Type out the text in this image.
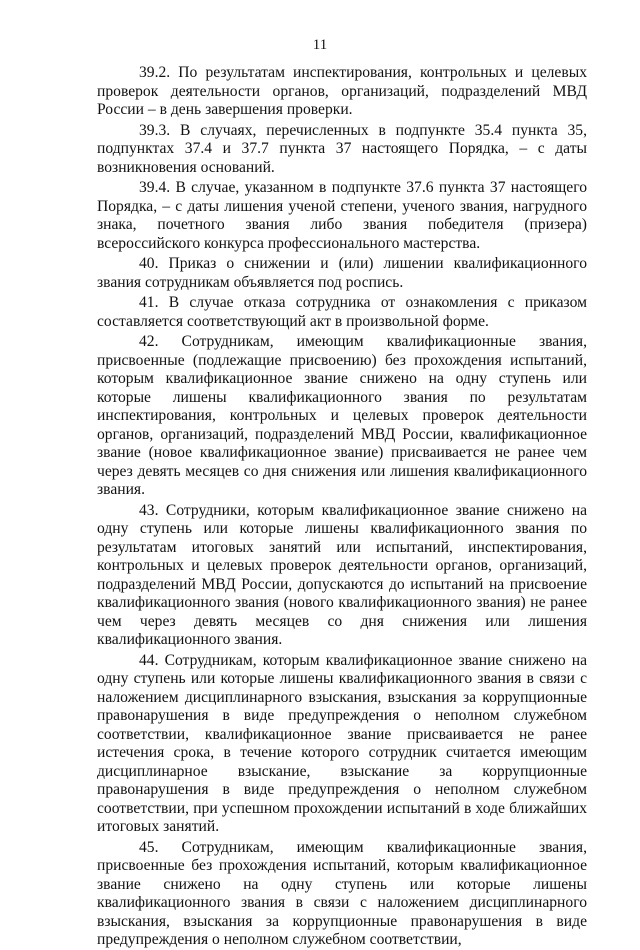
11

39.2. По результатам инспектирования, контрольных и целевых проверок деятельности органов, организаций, подразделений МВД России – в день завершения проверки.

39.3. В случаях, перечисленных в подпункте 35.4 пункта 35, подпунктах 37.4 и 37.7 пункта 37 настоящего Порядка, – с даты возникновения оснований.

39.4. В случае, указанном в подпункте 37.6 пункта 37 настоящего Порядка, – с даты лишения ученой степени, ученого звания, нагрудного знака, почетного звания либо звания победителя (призера) всероссийского конкурса профессионального мастерства.

40. Приказ о снижении и (или) лишении квалификационного звания сотрудникам объявляется под роспись.

41. В случае отказа сотрудника от ознакомления с приказом составляется соответствующий акт в произвольной форме.

42. Сотрудникам, имеющим квалификационные звания, присвоенные (подлежащие присвоению) без прохождения испытаний, которым квалификационное звание снижено на одну ступень или которые лишены квалификационного звания по результатам инспектирования, контрольных и целевых проверок деятельности органов, организаций, подразделений МВД России, квалификационное звание (новое квалификационное звание) присваивается не ранее чем через девять месяцев со дня снижения или лишения квалификационного звания.

43. Сотрудники, которым квалификационное звание снижено на одну ступень или которые лишены квалификационного звания по результатам итоговых занятий или испытаний, инспектирования, контрольных и целевых проверок деятельности органов, организаций, подразделений МВД России, допускаются до испытаний на присвоение квалификационного звания (нового квалификационного звания) не ранее чем через девять месяцев со дня снижения или лишения квалификационного звания.

44. Сотрудникам, которым квалификационное звание снижено на одну ступень или которые лишены квалификационного звания в связи с наложением дисциплинарного взыскания, взыскания за коррупционные правонарушения в виде предупреждения о неполном служебном соответствии, квалификационное звание присваивается не ранее истечения срока, в течение которого сотрудник считается имеющим дисциплинарное взыскание, взыскание за коррупционные правонарушения в виде предупреждения о неполном служебном соответствии, при успешном прохождении испытаний в ходе ближайших итоговых занятий.

45. Сотрудникам, имеющим квалификационные звания, присвоенные без прохождения испытаний, которым квалификационное звание снижено на одну ступень или которые лишены квалификационного звания в связи с наложением дисциплинарного взыскания, взыскания за коррупционные правонарушения в виде предупреждения о неполном служебном соответствии,
